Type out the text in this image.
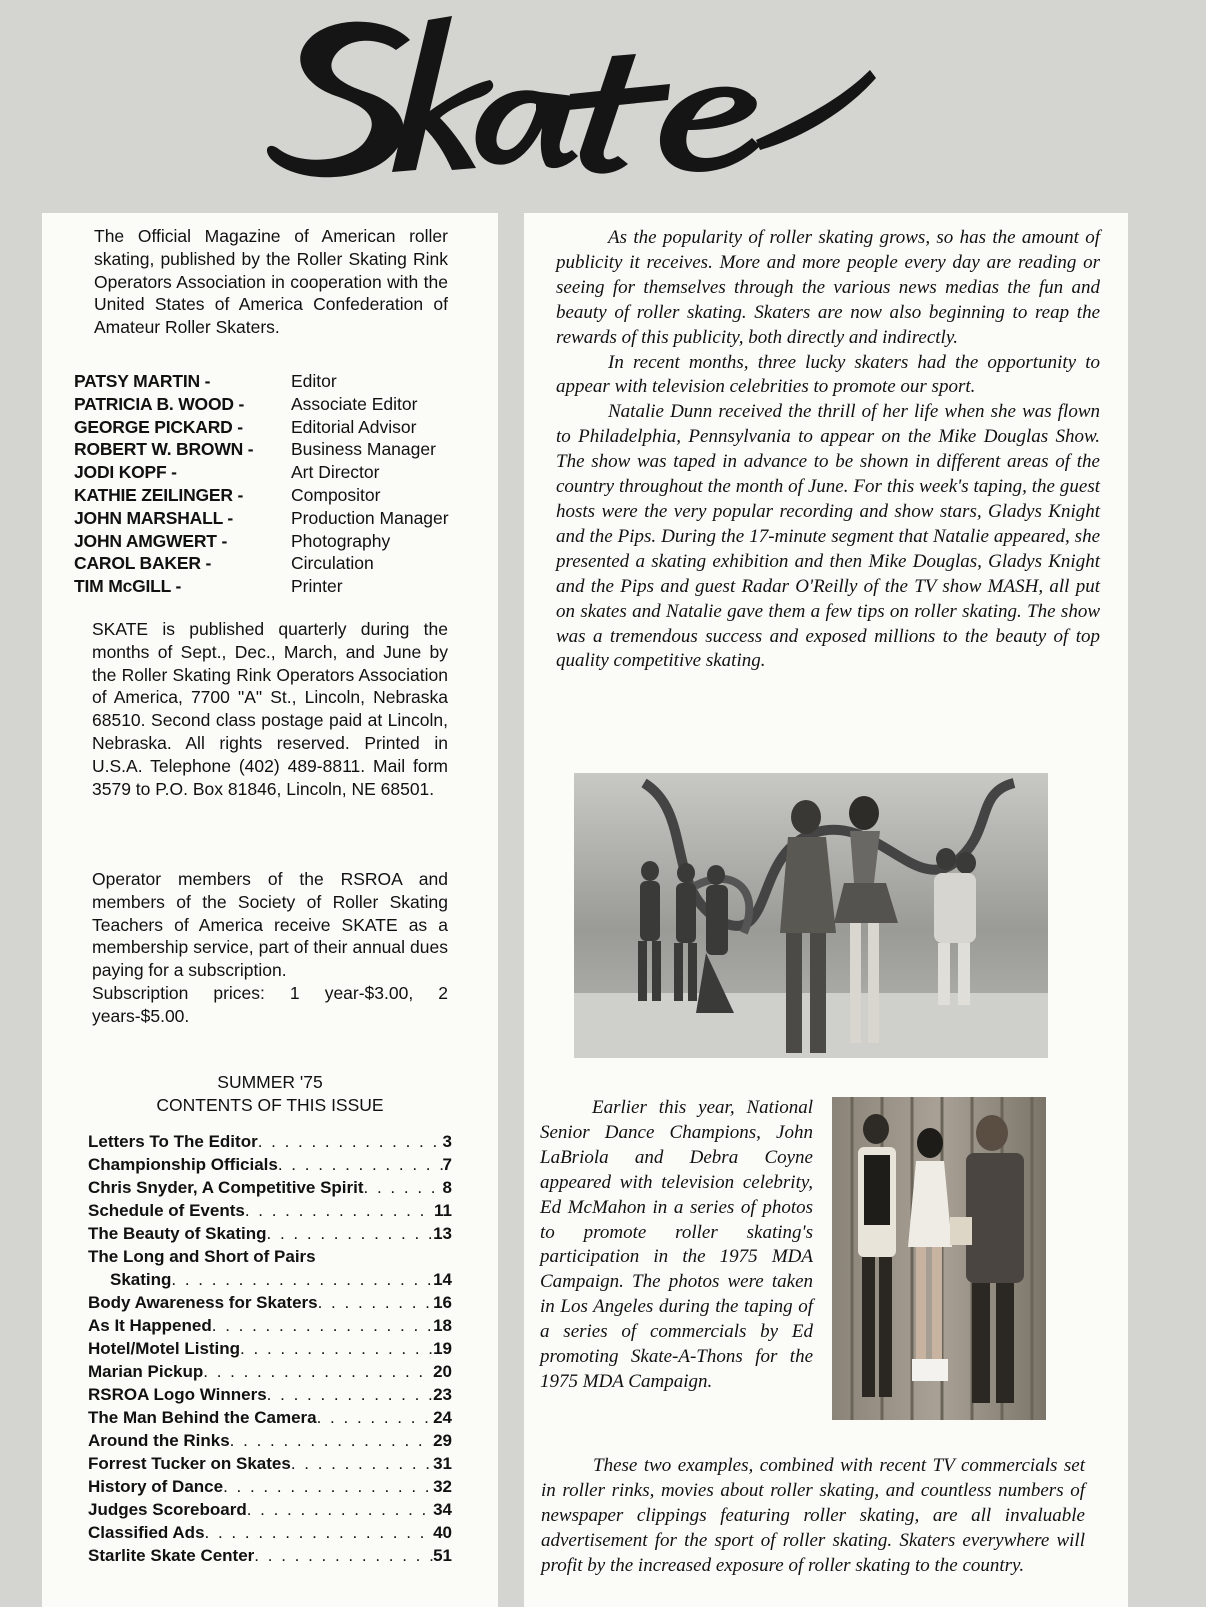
The Official Magazine of American roller skating, published by the Roller Skating Rink Operators Association in cooperation with the United States of America Confederation of Amateur Roller Skaters.
PATSY MARTIN -	Editor
PATRICIA B. WOOD -	Associate Editor
GEORGE PICKARD -	Editorial Advisor
ROBERT W. BROWN -	Business Manager
JODI KOPF -	Art Director
KATHIE ZEILINGER -	Compositor
JOHN MARSHALL -	Production Manager
JOHN AMGWERT -	Photography
CAROL BAKER -	Circulation
TIM McGILL -	Printer
SKATE is published quarterly during the months of Sept., Dec., March, and June by the Roller Skating Rink Operators Association of America, 7700 "A" St., Lincoln, Nebraska 68510. Second class postage paid at Lincoln, Nebraska. All rights reserved. Printed in U.S.A. Telephone (402) 489-8811. Mail form 3579 to P.O. Box 81846, Lincoln, NE 68501.
Operator members of the RSROA and members of the Society of Roller Skating Teachers of America receive SKATE as a membership service, part of their annual dues paying for a subscription.
Subscription prices: 1 year-$3.00, 2 years-$5.00.
SUMMER '75
CONTENTS OF THIS ISSUE
Letters To The Editor . . .	3
Championship Officials . . .	7
Chris Snyder, A Competitive Spirit . . .	8
Schedule of Events . . .	11
The Beauty of Skating . . .	13
The Long and Short of Pairs
Skating . . .	14
Body Awareness for Skaters . . .	16
As It Happened . . .	18
Hotel/Motel Listing . . .	19
Marian Pickup . . .	20
RSROA Logo Winners . . .	23
The Man Behind the Camera . . .	24
Around the Rinks . . .	29
Forrest Tucker on Skates . . .	31
History of Dance . . .	32
Judges Scoreboard . . .	34
Classified Ads . . .	40
Starlite Skate Center . . .	51

As the popularity of roller skating grows, so has the amount of publicity it receives. More and more people every day are reading or seeing for themselves through the various news medias the fun and beauty of roller skating. Skaters are now also beginning to reap the rewards of this publicity, both directly and indirectly.

In recent months, three lucky skaters had the opportunity to appear with television celebrities to promote our sport.

Natalie Dunn received the thrill of her life when she was flown to Philadelphia, Pennsylvania to appear on the Mike Douglas Show. The show was taped in advance to be shown in different areas of the country throughout the month of June. For this week's taping, the guest hosts were the very popular recording and show stars, Gladys Knight and the Pips. During the 17-minute segment that Natalie appeared, she presented a skating exhibition and then Mike Douglas, Gladys Knight and the Pips and guest Radar O'Reilly of the TV show MASH, all put on skates and Natalie gave them a few tips on roller skating. The show was a tremendous success and exposed millions to the beauty of top quality competitive skating.

Earlier this year, National Senior Dance Champions, John LaBriola and Debra Coyne appeared with television celebrity, Ed McMahon in a series of photos to promote roller skating's participation in the 1975 MDA Campaign. The photos were taken in Los Angeles during the taping of a series of commercials by Ed promoting Skate-A-Thons for the 1975 MDA Campaign.

These two examples, combined with recent TV commercials set in roller rinks, movies about roller skating, and countless numbers of newspaper clippings featuring roller skating, are all invaluable advertisement for the sport of roller skating. Skaters everywhere will profit by the increased exposure of roller skating to the country.
